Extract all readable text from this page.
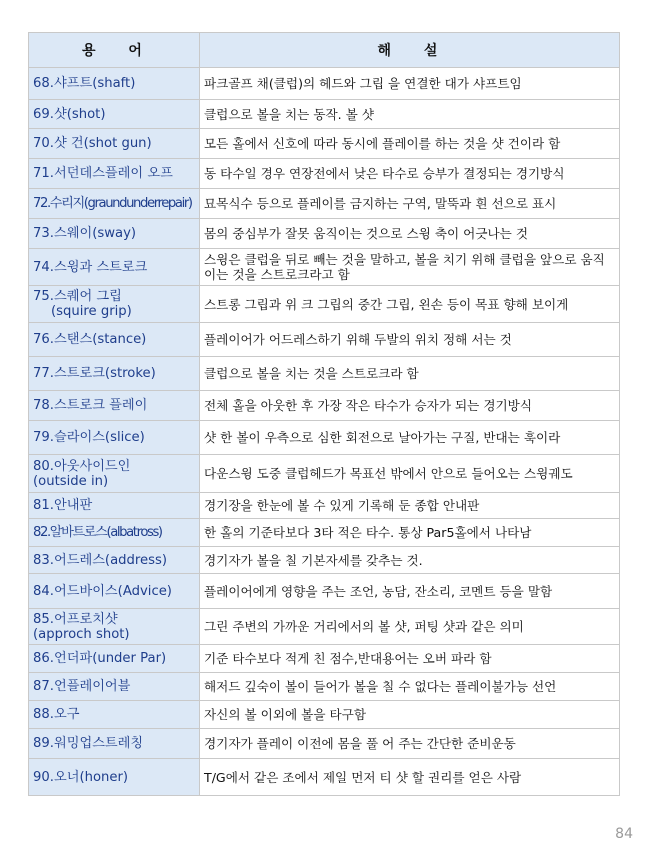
용 어	해 설
68.샤프트(shaft)	파크골프 채(클럽)의 헤드와 그립 을 연결한 대가 샤프트임
69.샷(shot)	클럽으로 볼을 치는 동작. 볼 샷
70.샷 건(shot gun)	모든 홀에서 신호에 따라 동시에 플레이를 하는 것을 샷 건이라 함
71.서던데스플레이 오프	동 타수일 경우 연장전에서 낮은 타수로 승부가 결정되는 경기방식
72.수리지(graundunderrepair)	묘목식수 등으로 플레이를 금지하는 구역, 말뚝과 흰 선으로 표시
73.스웨이(sway)	몸의 중심부가 잘못 움직이는 것으로 스윙 축이 어긋나는 것
74.스윙과 스트로크	스윙은 클럽을 뒤로 빼는 것을 말하고, 볼을 치기 위해 클럽을 앞으로 움직이는 것을 스트로크라고 함
75.스퀘어 그립
(squire grip)	스트롱 그립과 위 크 그립의 중간 그립, 왼손 등이 목표 향해 보이게
76.스탠스(stance)	플레이어가 어드레스하기 위해 두발의 위치 정해 서는 것
77.스트로크(stroke)	클럽으로 볼을 치는 것을 스트로크라 함
78.스트로크 플레이	전체 홀을 아웃한 후 가장 작은 타수가 승자가 되는 경기방식
79.슬라이스(slice)	샷 한 볼이 우측으로 심한 회전으로 날아가는 구질, 반대는 훅이라
80.아웃사이드인
(outside in)	다운스윙 도중 클럽헤드가 목표선 밖에서 안으로 들어오는 스윙궤도
81.안내판	경기장을 한눈에 볼 수 있게 기록해 둔 종합 안내판
82.알바트로스(albatross)	한 홀의 기준타보다 3타 적은 타수. 통상 Par5홀에서 나타남
83.어드레스(address)	경기자가 볼을 칠 기본자세를 갖추는 것.
84.어드바이스(Advice)	플레이어에게 영향을 주는 조언, 농담, 잔소리, 코멘트 등을 말함
85.어프로치샷
(approch shot)	그린 주변의 가까운 거리에서의 볼 샷, 퍼팅 샷과 같은 의미
86.언더파(under Par)	기준 타수보다 적게 친 점수,반대용어는 오버 파라 함
87.언플레이어블	해저드 깊숙이 볼이 들어가 볼을 칠 수 없다는 플레이불가능 선언
88.오구	자신의 볼 이외에 볼을 타구함
89.워밍업스트레칭	경기자가 플레이 이전에 몸을 풀 어 주는 간단한 준비운동
90.오너(honer)	T/G에서 같은 조에서 제일 먼저 티 샷 할 권리를 얻은 사람
84
